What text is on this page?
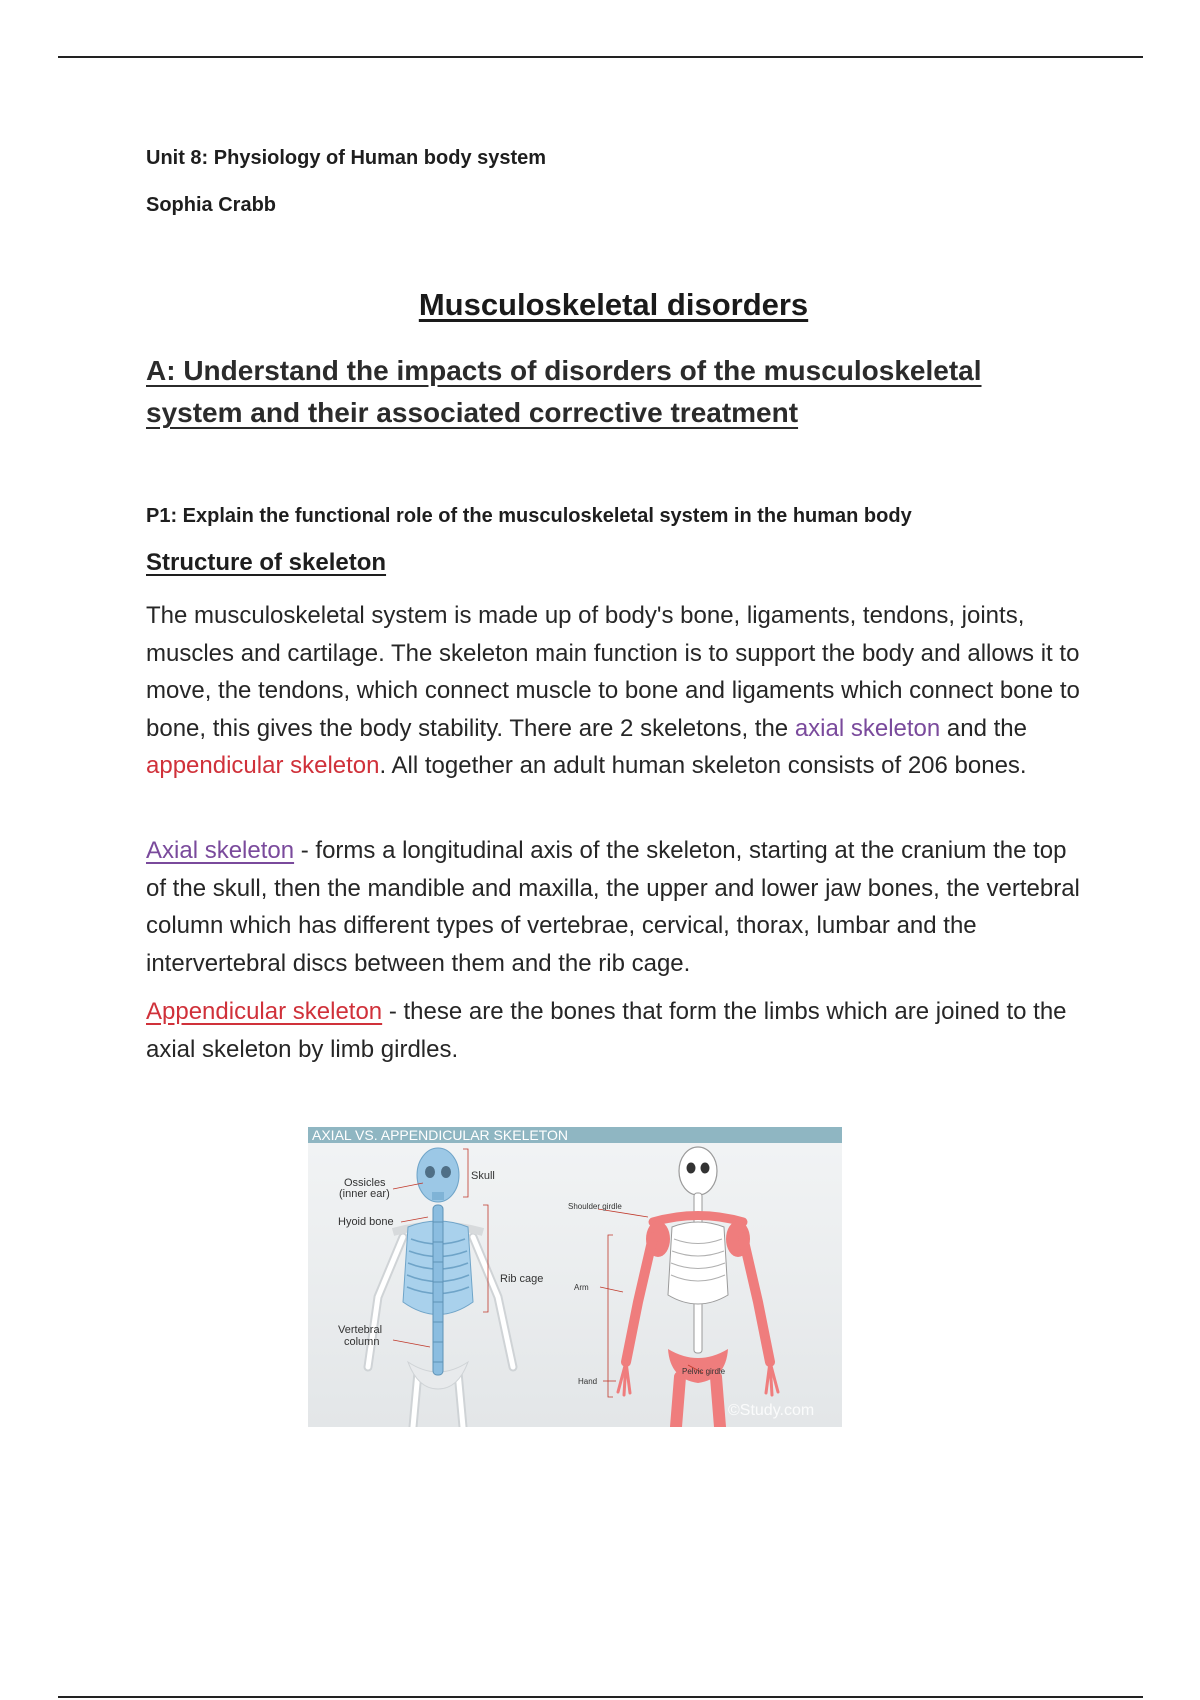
Unit 8: Physiology of Human body system
Sophia Crabb
Musculoskeletal disorders
A: Understand the impacts of disorders of the musculoskeletal system and their associated corrective treatment
P1: Explain the functional role of the musculoskeletal system in the human body
Structure of skeleton

The musculoskeletal system is made up of body's bone, ligaments, tendons, joints, muscles and cartilage. The skeleton main function is to support the body and allows it to move, the tendons, which connect muscle to bone and ligaments which connect bone to bone, this gives the body stability. There are 2 skeletons, the axial skeleton and the appendicular skeleton. All together an adult human skeleton consists of 206 bones.

Axial skeleton - forms a longitudinal axis of the skeleton, starting at the cranium the top of the skull, then the mandible and maxilla, the upper and lower jaw bones, the vertebral column which has different types of vertebrae, cervical, thorax, lumbar and the intervertebral discs between them and the rib cage.

Appendicular skeleton - these are the bones that form the limbs which are joined to the axial skeleton by limb girdles.

AXIAL VS. APPENDICULAR SKELETON
Ossicles
(inner ear)
Skull
Hyoid bone
Rib cage
Vertebral
column
Shoulder girdle
Arm
Hand
Pelvic girdle
©Study.com
